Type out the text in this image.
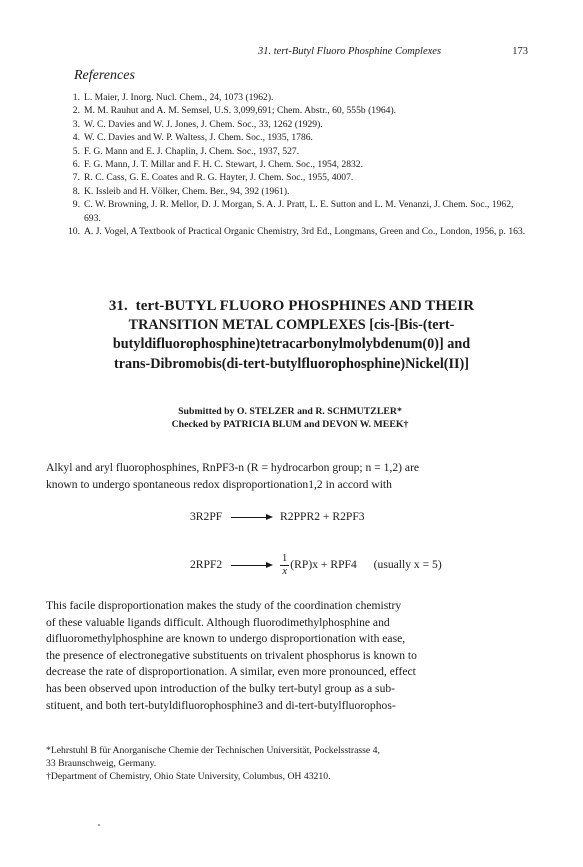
31. tert-Butyl Fluoro Phosphine Complexes	173
References
1. L. Maier, J. Inorg. Nucl. Chem., 24, 1073 (1962).
2. M. M. Rauhut and A. M. Semsel, U.S. 3,099,691; Chem. Abstr., 60, 555b (1964).
3. W. C. Davies and W. J. Jones, J. Chem. Soc., 33, 1262 (1929).
4. W. C. Davies and W. P. Waltess, J. Chem. Soc., 1935, 1786.
5. F. G. Mann and E. J. Chaplin, J. Chem. Soc., 1937, 527.
6. F. G. Mann, J. T. Millar and F. H. C. Stewart, J. Chem. Soc., 1954, 2832.
7. R. C. Cass, G. E. Coates and R. G. Hayter, J. Chem. Soc., 1955, 4007.
8. K. Issleib and H. Völker, Chem. Ber., 94, 392 (1961).
9. C. W. Browning, J. R. Mellor, D. J. Morgan, S. A. J. Pratt, L. E. Sutton and L. M. Venanzi, J. Chem. Soc., 1962, 693.
10. A. J. Vogel, A Textbook of Practical Organic Chemistry, 3rd Ed., Longmans, Green and Co., London, 1956, p. 163.
31. tert-BUTYL FLUORO PHOSPHINES AND THEIR
TRANSITION METAL COMPLEXES [cis-[Bis-(tert-
butyldifluorophosphine)tetracarbonylmolybdenum(0)] and
trans-Dibromobis(di-tert-butylfluorophosphine)Nickel(II)]
Submitted by O. STELZER and R. SCHMUTZLER*
Checked by PATRICIA BLUM and DEVON W. MEEK†
Alkyl and aryl fluorophosphines, RnPF3-n (R = hydrocarbon group; n = 1,2) are
known to undergo spontaneous redox disproportionation1,2 in accord with
3R2PF → R2PPR2 + R2PF3
$2RPF2 \to \frac{1}{x} (RP)x + RPF4$ (usually x = 5)
This facile disproportionation makes the study of the coordination chemistry
of these valuable ligands difficult. Although fluorodimethylphosphine and
difluoromethylphosphine are known to undergo disproportionation with ease,
the presence of electronegative substituents on trivalent phosphorus is known to
decrease the rate of disproportionation. A similar, even more pronounced, effect
has been observed upon introduction of the bulky tert-butyl group as a sub-
stituent, and both tert-butyldifluorophosphine3 and di-tert-butylfluorophos-
*Lehrstuhl B für Anorganische Chemie der Technischen Universität, Pockelsstrasse 4,
33 Braunschweig, Germany.
†Department of Chemistry, Ohio State University, Columbus, OH 43210.
